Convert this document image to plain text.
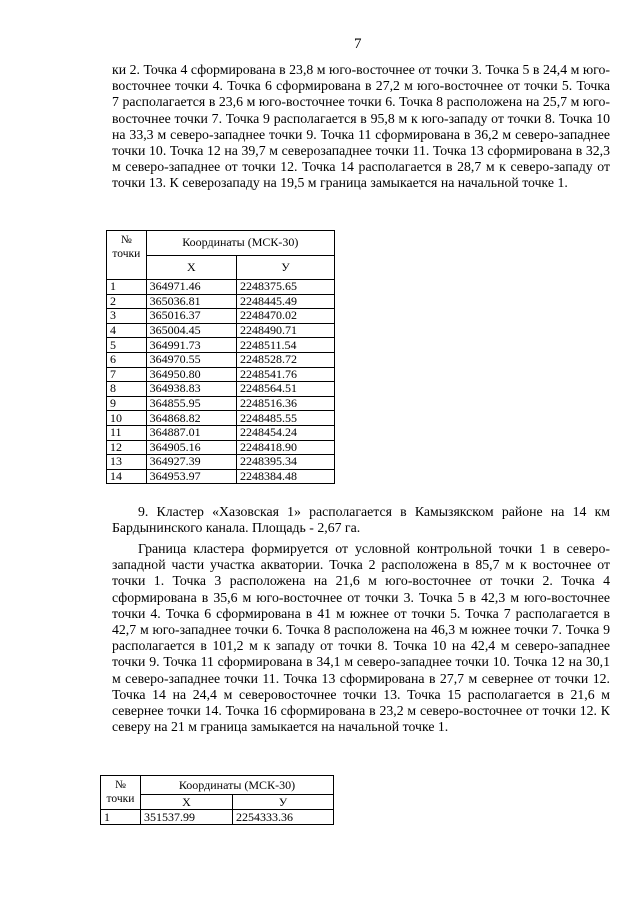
7

ки 2. Точка 4 сформирована в 23,8 м юго-восточнее от точки 3. Точка 5 в 24,4 м юго-восточнее точки 4. Точка 6 сформирована в 27,2 м юго-восточнее от точки 5. Точка 7 располагается в 23,6 м юго-восточнее точки 6. Точка 8 расположена на 25,7 м юго-восточнее точки 7. Точка 9 располагается в 95,8 м к юго-западу от точки 8. Точка 10 на 33,3 м северо-западнее точки 9. Точка 11 сформирована в 36,2 м северо-западнее точки 10. Точка 12 на 39,7 м северозападнее точки 11. Точка 13 сформирована в 32,3 м северо-западнее от точки 12. Точка 14 располагается в 28,7 м к северо-западу от точки 13. К северозападу на 19,5 м граница замыкается на начальной точке 1.

№ точки	Координаты (МСК-30)	
	Х	У
1	364971.46	2248375.65
2	365036.81	2248445.49
3	365016.37	2248470.02
4	365004.45	2248490.71
5	364991.73	2248511.54
6	364970.55	2248528.72
7	364950.80	2248541.76
8	364938.83	2248564.51
9	364855.95	2248516.36
10	364868.82	2248485.55
11	364887.01	2248454.24
12	364905.16	2248418.90
13	364927.39	2248395.34
14	364953.97	2248384.48

9. Кластер «Хазовская 1» располагается в Камызякском районе на 14 км Бардынинского канала. Площадь - 2,67 га.

Граница кластера формируется от условной контрольной точки 1 в северо-западной части участка акватории. Точка 2 расположена в 85,7 м к восточнее от точки 1. Точка 3 расположена на 21,6 м юго-восточнее от точки 2. Точка 4 сформирована в 35,6 м юго-восточнее от точки 3. Точка 5 в 42,3 м юго-восточнее точки 4. Точка 6 сформирована в 41 м южнее от точки 5. Точка 7 располагается в 42,7 м юго-западнее точки 6. Точка 8 расположена на 46,3 м южнее точки 7. Точка 9 располагается в 101,2 м к западу от точки 8. Точка 10 на 42,4 м северо-западнее точки 9. Точка 11 сформирована в 34,1 м северо-западнее точки 10. Точка 12 на 30,1 м северо-западнее точки 11. Точка 13 сформирована в 27,7 м севернее от точки 12. Точка 14 на 24,4 м северовосточнее точки 13. Точка 15 располагается в 21,6 м севернее точки 14. Точка 16 сформирована в 23,2 м северо-восточнее от точки 12. К северу на 21 м граница замыкается на начальной точке 1.

№ точки	Координаты (МСК-30)	
	Х	У
1	351537.99	2254333.36
